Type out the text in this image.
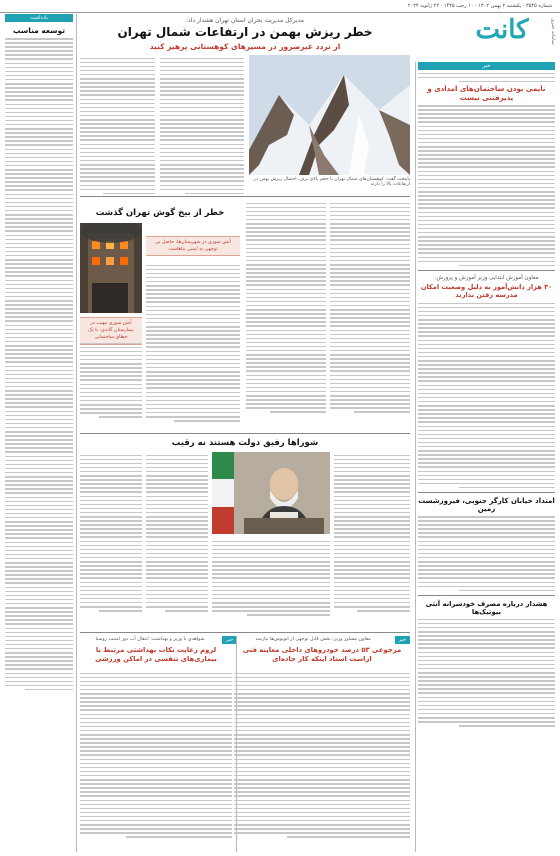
شماره ۳۵۴۵ · یکشنبه ۲ بهمن ۱۴۰۲ · ۱۰ رجب ۱۴۴۵ · ۲۲ ژانویه ۲۰۲۴
کانت	سامانه خبری
خبر
نایمی بودن ساختمان‌های امدادی و پذیرفتنی نیست
معاون آموزش ابتدایی وزیر آموزش و پرورش:
۳۰ هزار دانش‌آموز به دلیل وضعیت امکان مدرسه رفتن ندارند
امتداد خیابان کارگر جنوبی، فیروزشست زمین
هشدار درباره مصرف خودسرانه آنتی بیوتیک‌ها
یادداشت
توسعه مناسب
مدیرکل مدیریت بحران استان تهران هشدار داد:
خطر ریزش بهمن در ارتفاعات شمال تهران
از تردد غیرضرور در مسیرهای کوهستانی پرهیز کنید
پایتخت گفت: کوهستان‌های شمال تهران با حجم بالای برف، احتمال ریزش بهمن در ارتفاعات بالا را دارند
خطر از بیخ گوش تهران گذشت
آتش سوزی در شهرستان‌ها، حاصل بی توجهی به ایمنی بناهاست
آتش سوزی مهیب در بیمارستان گاندی، با یک خطای ساختمانی
شوراها رفیق دولت هستند نه رقیب
خبر
معاون مشاور وزیر: بخش قابل توجهی از اتوبوس‌ها نیازمند
مرجوعی ۵۳ درصد خودروهای داخلی معاینه فنی ازاست اسناد اینکه کار جاده‌ای
خبر
شواهدی با وزیر و بهداشت: انتقال آب دوز امنیت روستا
لزوم رعایت نکات بهداشتی مرتبط با بیماری‌های تنفسی در اماکن ورزشی
